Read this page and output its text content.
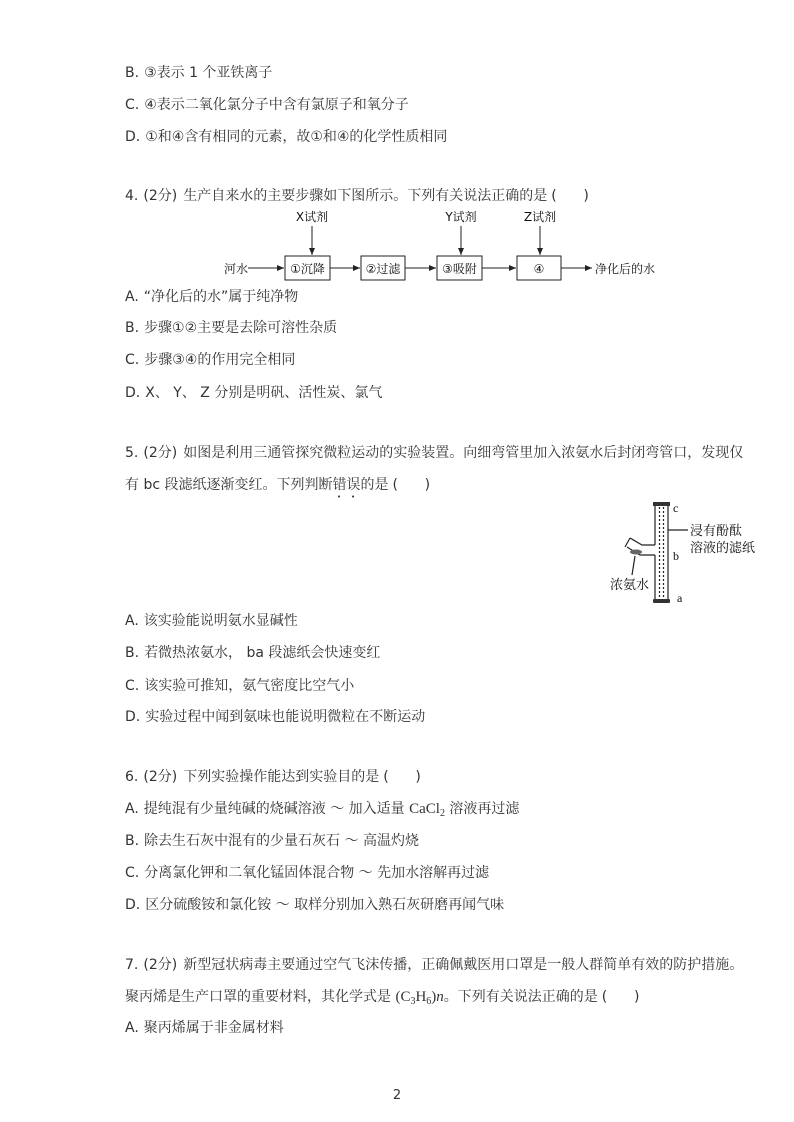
B. ③表示 1 个亚铁离子
C. ④表示二氧化氯分子中含有氯原子和氧分子
D. ①和④含有相同的元素，故①和④的化学性质相同
4. (2分) 生产自来水的主要步骤如下图所示。下列有关说法正确的是 (      )
X试剂	Y试剂	Z试剂
河水	①沉降	②过滤	③吸附	④	净化后的水
A. “净化后的水”属于纯净物
B. 步骤①②主要是去除可溶性杂质
C. 步骤③④的作用完全相同
D. X、 Y、 Z 分别是明矾、活性炭、氯气
5. (2分) 如图是利用三通管探究微粒运动的实验装置。向细弯管里加入浓氨水后封闭弯管口，发现仅
有 bc 段滤纸逐渐变红。下列判断错误的是 (      )
c
b
a
浸有酚酞
溶液的滤纸
浓氨水
A. 该实验能说明氨水显碱性
B. 若微热浓氨水， ba 段滤纸会快速变红
C. 该实验可推知，氨气密度比空气小
D. 实验过程中闻到氨味也能说明微粒在不断运动
6. (2分) 下列实验操作能达到实验目的是 (      )
A. 提纯混有少量纯碱的烧碱溶液 ～ 加入适量 CaCl$_2$ 溶液再过滤
B. 除去生石灰中混有的少量石灰石 ～ 高温灼烧
C. 分离氯化钾和二氧化锰固体混合物 ～ 先加水溶解再过滤
D. 区分硫酸铵和氯化铵 ～ 取样分别加入熟石灰研磨再闻气味
7. (2分) 新型冠状病毒主要通过空气飞沫传播，正确佩戴医用口罩是一般人群简单有效的防护措施。
聚丙烯是生产口罩的重要材料，其化学式是 $(C_3H_6)n$。下列有关说法正确的是 (      )
A. 聚丙烯属于非金属材料
2
